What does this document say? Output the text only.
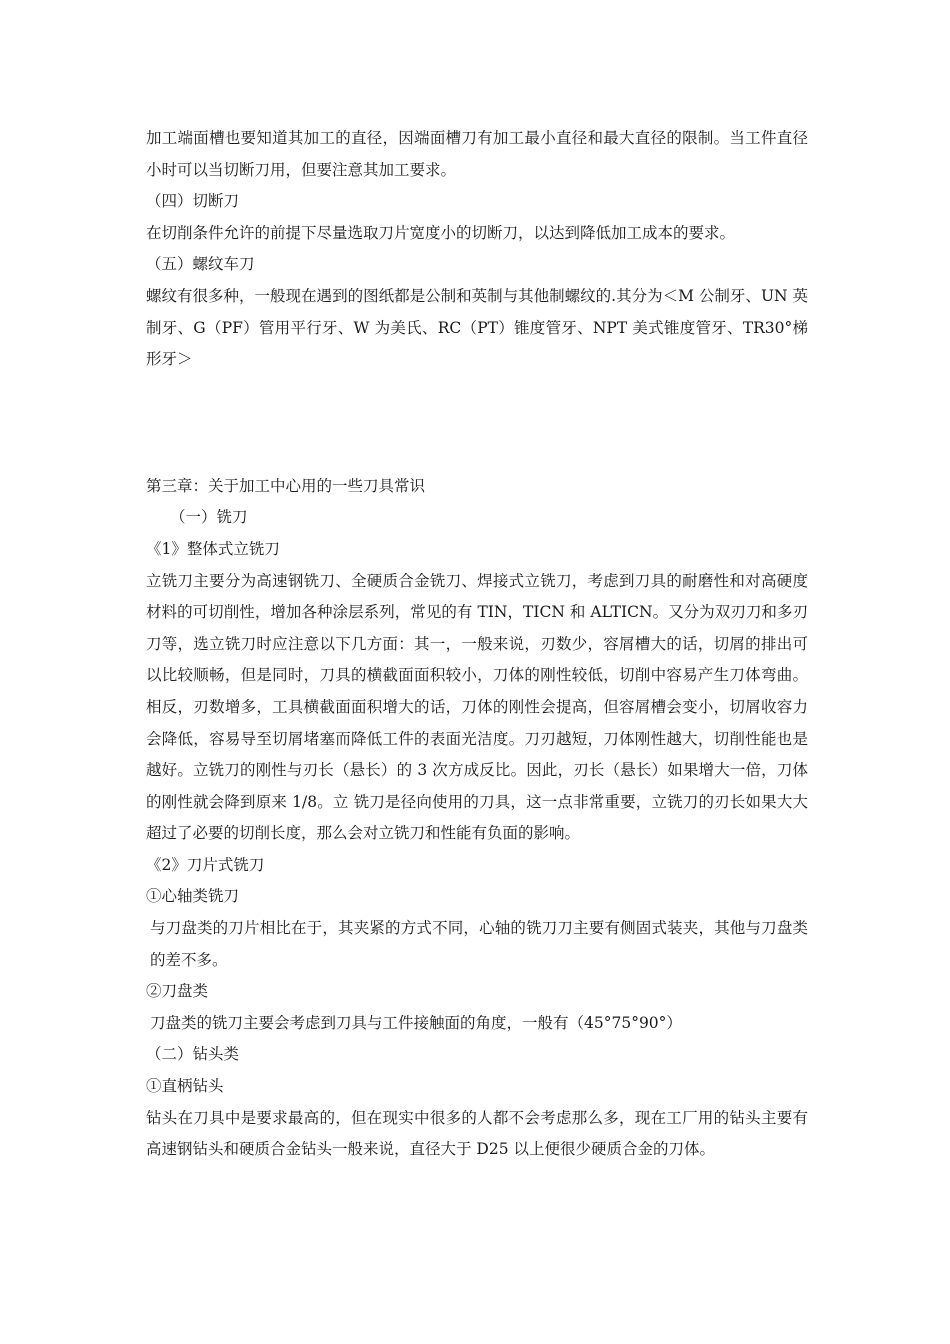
加工端面槽也要知道其加工的直径，因端面槽刀有加工最小直径和最大直径的限制。当工件直径小时可以当切断刀用，但要注意其加工要求。

（四）切断刀

在切削条件允许的前提下尽量选取刀片宽度小的切断刀，以达到降低加工成本的要求。

（五）螺纹车刀

螺纹有很多种，一般现在遇到的图纸都是公制和英制与其他制螺纹的.其分为＜M 公制牙、UN 英制牙、G（PF）管用平行牙、W 为美氏、RC（PT）锥度管牙、NPT 美式锥度管牙、TR30°梯形牙＞

第三章：关于加工中心用的一些刀具常识

（一）铣刀

《1》整体式立铣刀

立铣刀主要分为高速钢铣刀、全硬质合金铣刀、焊接式立铣刀，考虑到刀具的耐磨性和对高硬度材料的可切削性，增加各种涂层系列，常见的有 TIN，TICN 和 ALTICN。又分为双刃刀和多刃刀等，选立铣刀时应注意以下几方面：其一，一般来说，刃数少，容屑槽大的话，切屑的排出可以比较顺畅，但是同时，刀具的横截面面积较小，刀体的刚性较低，切削中容易产生刀体弯曲。相反，刃数增多，工具横截面面积增大的话，刀体的刚性会提高，但容屑槽会变小，切屑收容力会降低，容易导至切屑堵塞而降低工件的表面光洁度。刀刃越短，刀体刚性越大，切削性能也是越好。立铣刀的刚性与刃长（悬长）的 3 次方成反比。因此，刃长（悬长）如果增大一倍，刀体的刚性就会降到原来 1/8。立 铣刀是径向使用的刀具，这一点非常重要，立铣刀的刃长如果大大超过了必要的切削长度，那么会对立铣刀和性能有负面的影响。

《2》刀片式铣刀

①心轴类铣刀

与刀盘类的刀片相比在于，其夹紧的方式不同，心轴的铣刀刀主要有侧固式装夹，其他与刀盘类的差不多。

②刀盘类

刀盘类的铣刀主要会考虑到刀具与工件接触面的角度，一般有（45°75°90°）

（二）钻头类

①直柄钻头

钻头在刀具中是要求最高的，但在现实中很多的人都不会考虑那么多，现在工厂用的钻头主要有高速钢钻头和硬质合金钻头一般来说，直径大于 D25 以上便很少硬质合金的刀体。
